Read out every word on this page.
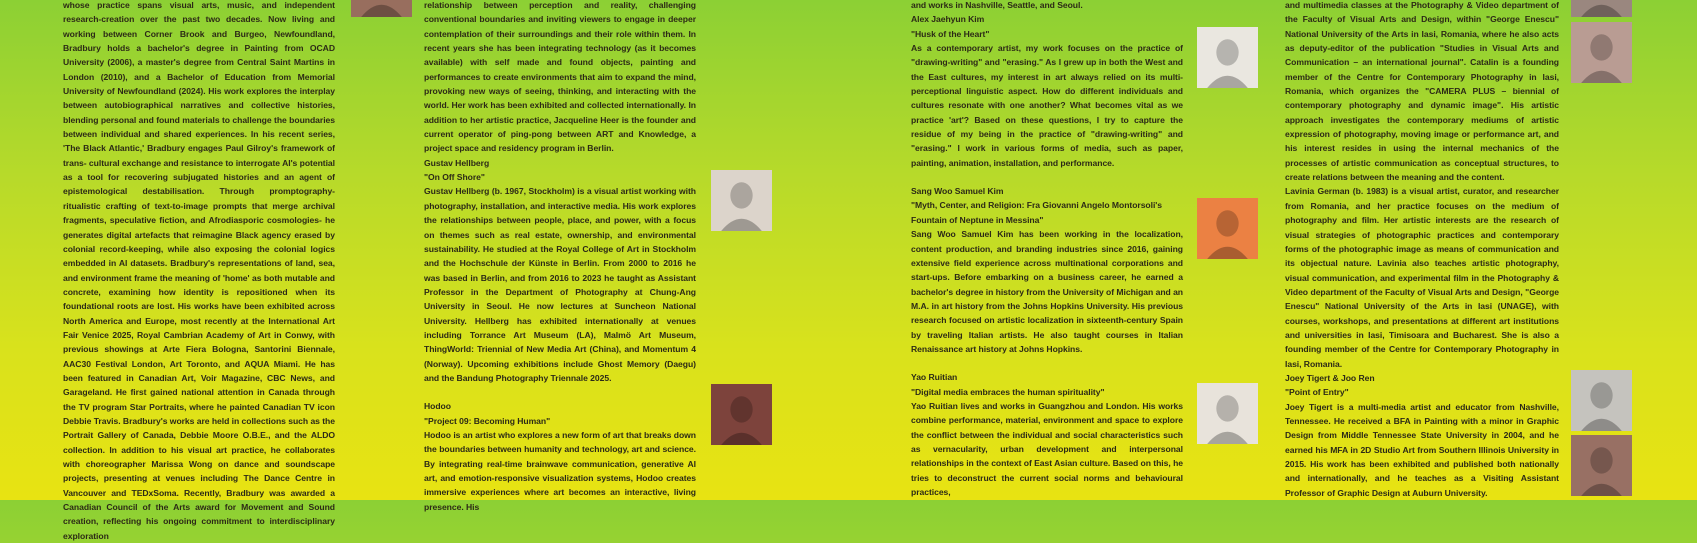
whose practice spans visual arts, music, and independent research-creation over the past two decades. Now living and working between Corner Brook and Burgeo, Newfoundland, Bradbury holds a bachelor's degree in Painting from OCAD University (2006), a master's degree from Central Saint Martins in London (2010), and a Bachelor of Education from Memorial University of Newfoundland (2024). His work explores the interplay between autobiographical narratives and collective histories, blending personal and found materials to challenge the boundaries between individual and shared experiences. In his recent series, 'The Black Atlantic,' Bradbury engages Paul Gilroy's framework of trans- cultural exchange and resistance to interrogate AI's potential as a tool for recovering subjugated histories and an agent of epistemological destabilisation. Through promptography- ritualistic crafting of text-to-image prompts that merge archival fragments, speculative fiction, and Afrodiasporic cosmologies- he generates digital artefacts that reimagine Black agency erased by colonial record-keeping, while also exposing the colonial logics embedded in AI datasets. Bradbury's representations of land, sea, and environment frame the meaning of 'home' as both mutable and concrete, examining how identity is repositioned when its foundational roots are lost. His works have been exhibited across North America and Europe, most recently at the International Art Fair Venice 2025, Royal Cambrian Academy of Art in Conwy, with previous showings at Arte Fiera Bologna, Santorini Biennale, AAC30 Festival London, Art Toronto, and AQUA Miami. He has been featured in Canadian Art, Voir Magazine, CBC News, and Garageland. He first gained national attention in Canada through the TV program Star Portraits, where he painted Canadian TV icon Debbie Travis. Bradbury's works are held in collections such as the Portrait Gallery of Canada, Debbie Moore O.B.E., and the ALDO collection. In addition to his visual art practice, he collaborates with choreographer Marissa Wong on dance and soundscape projects, presenting at venues including The Dance Centre in Vancouver and TEDxSoma. Recently, Bradbury was awarded a Canadian Council of the Arts award for Movement and Sound creation, reflecting his ongoing commitment to interdisciplinary exploration

relationship between perception and reality, challenging conventional boundaries and inviting viewers to engage in deeper contemplation of their surroundings and their role within them. In recent years she has been integrating technology (as it becomes available) with self made and found objects, painting and performances to create environments that aim to expand the mind, provoking new ways of seeing, thinking, and interacting with the world. Her work has been exhibited and collected internationally. In addition to her artistic practice, Jacqueline Heer is the founder and current operator of ping-pong between ART and Knowledge, a project space and residency program in Berlin.

Gustav Hellberg

"On Off Shore"

Gustav Hellberg (b. 1967, Stockholm) is a visual artist working with photography, installation, and interactive media. His work explores the relationships between people, place, and power, with a focus on themes such as real estate, ownership, and environmental sustainability. He studied at the Royal College of Art in Stockholm and the Hochschule der Künste in Berlin. From 2000 to 2016 he was based in Berlin, and from 2016 to 2023 he taught as Assistant Professor in the Department of Photography at Chung-Ang University in Seoul. He now lectures at Suncheon National University. Hellberg has exhibited internationally at venues including Torrance Art Museum (LA), Malmö Art Museum, ThingWorld: Triennial of New Media Art (China), and Momentum 4 (Norway). Upcoming exhibitions include Ghost Memory (Daegu) and the Bandung Photography Triennale 2025.

Hodoo

"Project 09: Becoming Human"

Hodoo is an artist who explores a new form of art that breaks down the boundaries between humanity and technology, art and science. By integrating real-time brainwave communication, generative AI art, and emotion-responsive visualization systems, Hodoo creates immersive experiences where art becomes an interactive, living presence. His

and works in Nashville, Seattle, and Seoul.

Alex Jaehyun Kim

"Husk of the Heart"

As a contemporary artist, my work focuses on the practice of "drawing-writing" and "erasing." As I grew up in both the West and the East cultures, my interest in art always relied on its multi-perceptional linguistic aspect. How do different individuals and cultures resonate with one another? What becomes vital as we practice 'art'? Based on these questions, I try to capture the residue of my being in the practice of "drawing-writing" and "erasing." I work in various forms of media, such as paper, painting, animation, installation, and performance.

Sang Woo Samuel Kim

"Myth, Center, and Religion: Fra Giovanni Angelo Montorsoli's Fountain of Neptune in Messina"

Sang Woo Samuel Kim has been working in the localization, content production, and branding industries since 2016, gaining extensive field experience across multinational corporations and start-ups. Before embarking on a business career, he earned a bachelor's degree in history from the University of Michigan and an M.A. in art history from the Johns Hopkins University. His previous research focused on artistic localization in sixteenth-century Spain by traveling Italian artists. He also taught courses in Italian Renaissance art history at Johns Hopkins.

Yao Ruitian

"Digital media embraces the human spirituality"

Yao Ruitian lives and works in Guangzhou and London. His works combine performance, material, environment and space to explore the conflict between the individual and social characteristics such as vernacularity, urban development and interpersonal relationships in the context of East Asian culture. Based on this, he tries to deconstruct the current social norms and behavioural practices,

and multimedia classes at the Photography & Video department of the Faculty of Visual Arts and Design, within "George Enescu" National University of the Arts in Iasi, Romania, where he also acts as deputy-editor of the publication "Studies in Visual Arts and Communication – an international journal". Catalin is a founding member of the Centre for Contemporary Photography in Iasi, Romania, which organizes the "CAMERA PLUS – biennial of contemporary photography and dynamic image". His artistic approach investigates the contemporary mediums of artistic expression of photography, moving image or performance art, and his interest resides in using the internal mechanics of the processes of artistic communication as conceptual structures, to create relations between the meaning and the content.

Lavinia German (b. 1983) is a visual artist, curator, and researcher from Romania, and her practice focuses on the medium of photography and film. Her artistic interests are the research of visual strategies of photographic practices and contemporary forms of the photographic image as means of communication and its objectual nature. Lavinia also teaches artistic photography, visual communication, and experimental film in the Photography & Video department of the Faculty of Visual Arts and Design, "George Enescu" National University of the Arts in Iasi (UNAGE), with courses, workshops, and presentations at different art institutions and universities in Iasi, Timisoara and Bucharest. She is also a founding member of the Centre for Contemporary Photography in Iasi, Romania.

Joey Tigert & Joo Ren

"Point of Entry"

Joey Tigert is a multi-media artist and educator from Nashville, Tennessee. He received a BFA in Painting with a minor in Graphic Design from Middle Tennessee State University in 2004, and he earned his MFA in 2D Studio Art from Southern Illinois University in 2015. His work has been exhibited and published both nationally and internationally, and he teaches as a Visiting Assistant Professor of Graphic Design at Auburn University.
